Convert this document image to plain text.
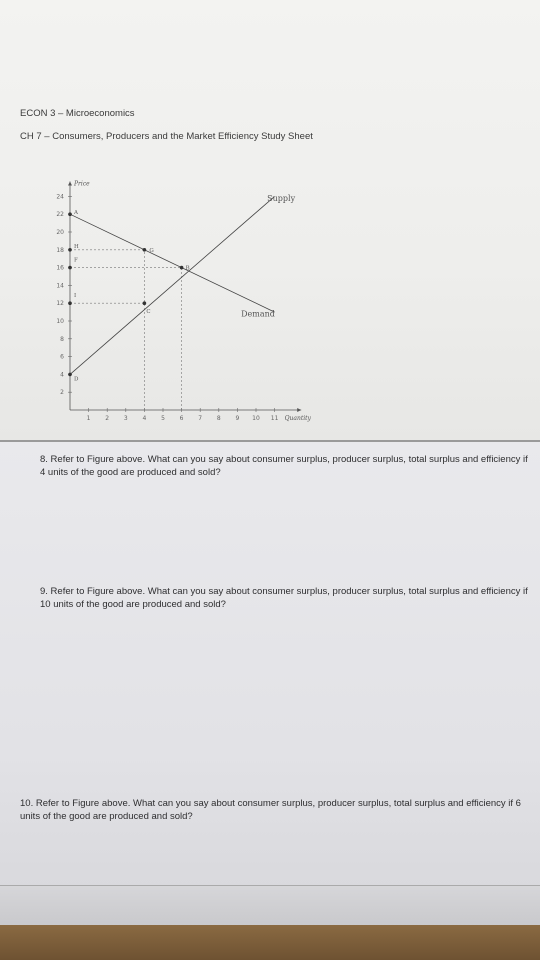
ECON 3 – Microeconomics
CH 7 – Consumers, Producers and the Market Efficiency Study Sheet
Price
Quantity
1 2 3 4 5 6 7 8 9 10 11
2
4
6
8
10
12
14
16
18
20
22
24	Supply
Demand
A
H
F
I
D
G
B
C
8. Refer to Figure above. What can you say about consumer surplus, producer surplus, total surplus and efficiency if 4 units of the good are produced and sold?
9. Refer to Figure above. What can you say about consumer surplus, producer surplus, total surplus and efficiency if 10 units of the good are produced and sold?
10. Refer to Figure above. What can you say about consumer surplus, producer surplus, total surplus and efficiency if 6 units of the good are produced and sold?
